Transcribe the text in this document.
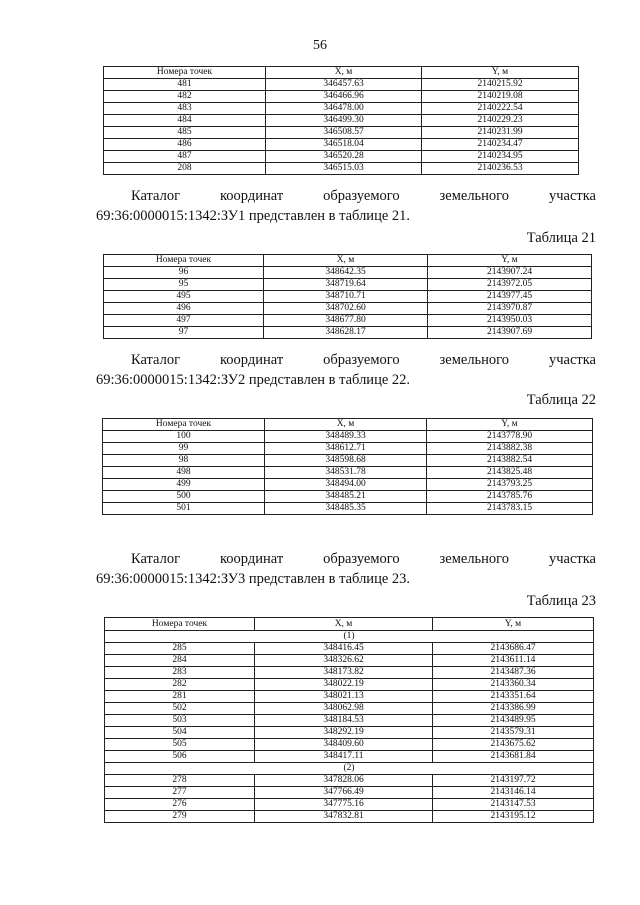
56
Номера точек	X, м	Y, м
481	346457.63	2140215.92
482	346466.96	2140219.08
483	346478.00	2140222.54
484	346499.30	2140229.23
485	346508.57	2140231.99
486	346518.04	2140234.47
487	346520.28	2140234.95
208	346515.03	2140236.53
Каталог	координат	образуемого	земельного	участка
69:36:0000015:1342:ЗУ1 представлен в таблице 21.
Таблица 21
Номера точек	X, м	Y, м
96	348642.35	2143907.24
95	348719.64	2143972.05
495	348710.71	2143977.45
496	348702.60	2143970.87
497	348677.80	2143950.03
97	348628.17	2143907.69
Каталог	координат	образуемого	земельного	участка
69:36:0000015:1342:ЗУ2 представлен в таблице 22.
Таблица 22
Номера точек	X, м	Y, м
100	348489.33	2143778.90
99	348612.71	2143882.38
98	348598.68	2143882.54
498	348531.78	2143825.48
499	348494.00	2143793.25
500	348485.21	2143785.76
501	348485.35	2143783.15
Каталог	координат	образуемого	земельного	участка
69:36:0000015:1342:ЗУ3 представлен в таблице 23.
Таблица 23
Номера точек	X, м	Y, м
(1)		
285	348416.45	2143686.47
284	348326.62	2143611.14
283	348173.82	2143487.36
282	348022.19	2143360.34
281	348021.13	2143351.64
502	348062.98	2143386.99
503	348184.53	2143489.95
504	348292.19	2143579.31
505	348409.60	2143675.62
506	348417.11	2143681.84
(2)		
278	347828.06	2143197.72
277	347766.49	2143146.14
276	347775.16	2143147.53
279	347832.81	2143195.12
